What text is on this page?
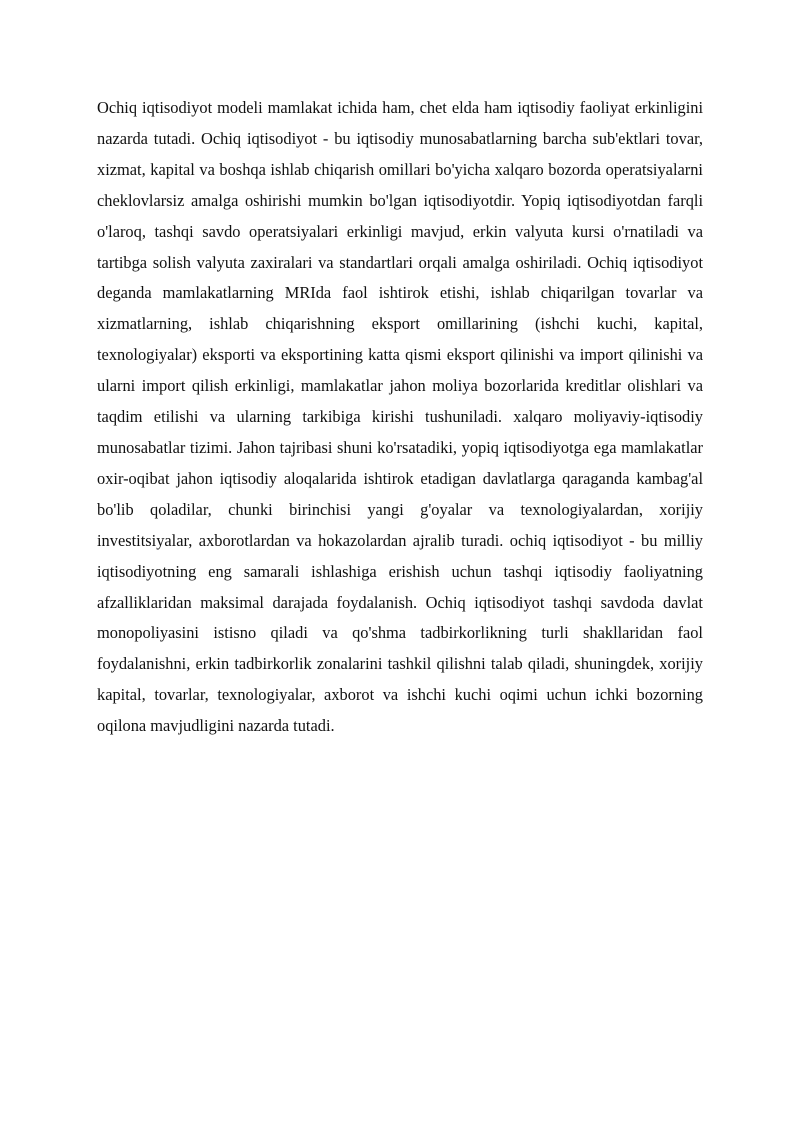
Ochiq iqtisodiyot modeli mamlakat ichida ham, chet elda ham iqtisodiy faoliyat erkinligini nazarda tutadi. Ochiq iqtisodiyot - bu iqtisodiy munosabatlarning barcha sub'ektlari tovar, xizmat, kapital va boshqa ishlab chiqarish omillari bo'yicha xalqaro bozorda operatsiyalarni cheklovlarsiz amalga oshirishi mumkin bo'lgan iqtisodiyotdir. Yopiq iqtisodiyotdan farqli o'laroq, tashqi savdo operatsiyalari erkinligi mavjud, erkin valyuta kursi o'rnatiladi va tartibga solish valyuta zaxiralari va standartlari orqali amalga oshiriladi. Ochiq iqtisodiyot deganda mamlakatlarning MRIda faol ishtirok etishi, ishlab chiqarilgan tovarlar va xizmatlarning, ishlab chiqarishning eksport omillarining (ishchi kuchi, kapital, texnologiyalar) eksporti va eksportining katta qismi eksport qilinishi va import qilinishi va ularni import qilish erkinligi, mamlakatlar jahon moliya bozorlarida kreditlar olishlari va taqdim etilishi va ularning tarkibiga kirishi tushuniladi. xalqaro moliyaviy-iqtisodiy munosabatlar tizimi. Jahon tajribasi shuni ko'rsatadiki, yopiq iqtisodiyotga ega mamlakatlar oxir-oqibat jahon iqtisodiy aloqalarida ishtirok etadigan davlatlarga qaraganda kambag'al bo'lib qoladilar, chunki birinchisi yangi g'oyalar va texnologiyalardan, xorijiy investitsiyalar, axborotlardan va hokazolardan ajralib turadi. ochiq iqtisodiyot - bu milliy iqtisodiyotning eng samarali ishlashiga erishish uchun tashqi iqtisodiy faoliyatning afzalliklaridan maksimal darajada foydalanish. Ochiq iqtisodiyot tashqi savdoda davlat monopoliyasini istisno qiladi va qo'shma tadbirkorlikning turli shakllaridan faol foydalanishni, erkin tadbirkorlik zonalarini tashkil qilishni talab qiladi, shuningdek, xorijiy kapital, tovarlar, texnologiyalar, axborot va ishchi kuchi oqimi uchun ichki bozorning oqilona mavjudligini nazarda tutadi.
